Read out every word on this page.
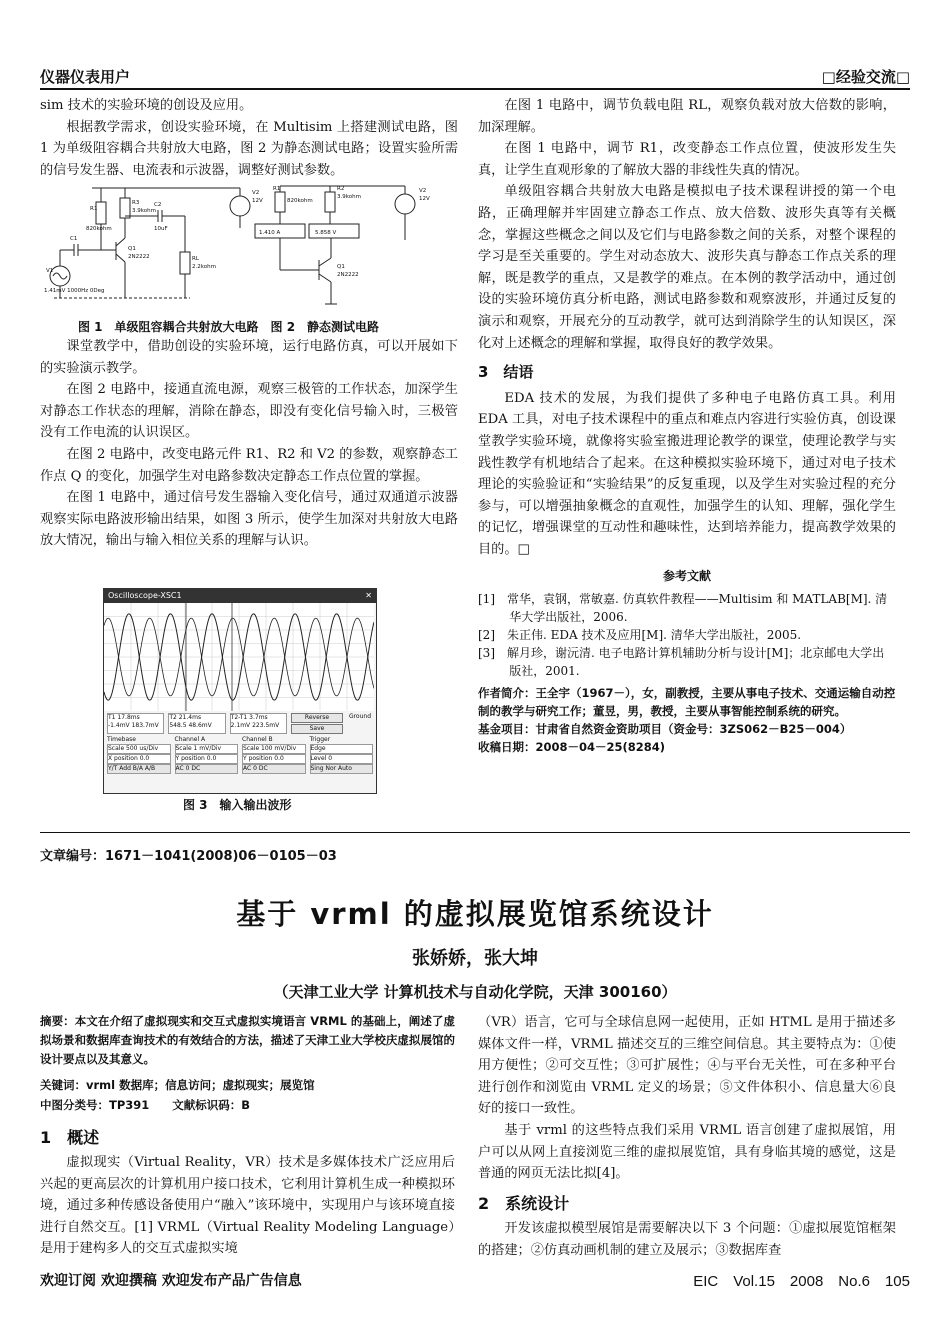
仪器仪表用户	□经验交流□

sim 技术的实验环境的创设及应用。

根据教学需求，创设实验环境，在 Multisim 上搭建测试电路，图 1 为单级阻容耦合共射放大电路，图 2 为静态测试电路；设置实验所需的信号发生器、电流表和示波器，调整好测试参数。

R1
820kohm
R3
3.9kohm
C2
10uF
C1
Q1
2N2222	RL
2.2kohm
V1
1.41mV 1000Hz 0Deg
V2
12V
R1
820kohm
R2
3.9kohm
1.410 A	5.858 V
Q1
2N2222
V2
12V
图 1　单级阻容耦合共射放大电路　图 2　静态测试电路

课堂教学中，借助创设的实验环境，运行电路仿真，可以开展如下的实验演示教学。

在图 2 电路中，接通直流电源，观察三极管的工作状态，加深学生对静态工作状态的理解，消除在静态，即没有变化信号输入时，三极管没有工作电流的认识误区。

在图 2 电路中，改变电路元件 R1、R2 和 V2 的参数，观察静态工作点 Q 的变化，加强学生对电路参数决定静态工作点位置的掌握。

在图 1 电路中，通过信号发生器输入变化信号，通过双通道示波器观察实际电路波形输出结果，如图 3 所示，使学生加深对共射放大电路放大情况，输出与输入相位关系的理解与认识。

Oscilloscope-XSC1	✕
T1 17.8ms
-1.4mV 183.7mV
T2 21.4ms
548.5 48.6mV
T2-T1 3.7ms
2.1mV 223.5mV
Reverse
Save
Ground
Timebase
Scale 500 us/Div
X position 0.0
Y/T Add B/A A/B
Channel A
Scale 1 mV/Div
Y position 0.0
AC 0 DC
Channel B
Scale 100 mV/Div
Y position 0.0
AC 0 DC
Trigger
Edge
Level 0
Sing Nor Auto
图 3　输入输出波形

在图 1 电路中，调节负载电阻 RL，观察负载对放大倍数的影响，加深理解。

在图 1 电路中，调节 R1，改变静态工作点位置，使波形发生失真，让学生直观形象的了解放大器的非线性失真的情况。

单级阻容耦合共射放大电路是模拟电子技术课程讲授的第一个电路，正确理解并牢固建立静态工作点、放大倍数、波形失真等有关概念，掌握这些概念之间以及它们与电路参数之间的关系，对整个课程的学习是至关重要的。学生对动态放大、波形失真与静态工作点关系的理解，既是教学的重点，又是教学的难点。在本例的教学活动中，通过创设的实验环境仿真分析电路，测试电路参数和观察波形，并通过反复的演示和观察，开展充分的互动教学，就可达到消除学生的认知误区，深化对上述概念的理解和掌握，取得良好的教学效果。

3　结语

EDA 技术的发展，为我们提供了多种电子电路仿真工具。利用 EDA 工具，对电子技术课程中的重点和难点内容进行实验仿真，创设课堂教学实验环境，就像将实验室搬进理论教学的课堂，使理论教学与实践性教学有机地结合了起来。在这种模拟实验环境下，通过对电子技术理论的实验验证和“实验结果”的反复重现，以及学生对实验过程的充分参与，可以增强抽象概念的直观性，加强学生的认知、理解，强化学生的记忆，增强课堂的互动性和趣味性，达到培养能力，提高教学效果的目的。□

参考文献
[1]　常华，袁钢，常敏嘉. 仿真软件教程——Multisim 和 MATLAB[M]. 清华大学出版社，2006.
[2]　朱正伟. EDA 技术及应用[M]. 清华大学出版社，2005.
[3]　解月珍，谢沅清. 电子电路计算机辅助分析与设计[M]；北京邮电大学出版社，2001.
作者简介：王全宇（1967－），女，副教授，主要从事电子技术、交通运输自动控制的教学与研究工作；董昱，男，教授，主要从事智能控制系统的研究。
基金项目：甘肃省自然资金资助项目（资金号：3ZS062－B25－004）
收稿日期：2008－04－25(8284)
文章编号：1671－1041(2008)06－0105－03
基于 vrml 的虚拟展览馆系统设计
张娇娇，张大坤
（天津工业大学 计算机技术与自动化学院，天津 300160）
摘要：本文在介绍了虚拟现实和交互式虚拟实境语言 VRML 的基础上，阐述了虚拟场景和数据库查询技术的有效结合的方法，描述了天津工业大学校庆虚拟展馆的设计要点以及其意义。
关键词：vrml 数据库；信息访问；虚拟现实；展览馆
中图分类号：TP391　　文献标识码：B
1　概述

虚拟现实（Virtual Reality，VR）技术是多媒体技术广泛应用后兴起的更高层次的计算机用户接口技术，它利用计算机生成一种模拟环境，通过多种传感设备使用户“融入”该环境中，实现用户与该环境直接进行自然交互。[1] VRML（Virtual Reality Modeling Language）是用于建构多人的交互式虚拟实境

（VR）语言，它可与全球信息网一起使用，正如 HTML 是用于描述多媒体文件一样，VRML 描述交互的三维空间信息。其主要特点为：①使用方便性；②可交互性；③可扩展性；④与平台无关性，可在多种平台进行创作和浏览由 VRML 定义的场景；⑤文件体积小、信息量大⑥良好的接口一致性。

基于 vrml 的这些特点我们采用 VRML 语言创建了虚拟展馆，用户可以从网上直接浏览三维的虚拟展览馆，具有身临其境的感觉，这是普通的网页无法比拟[4]。

2　系统设计

开发该虚拟模型展馆是需要解决以下 3 个问题：①虚拟展览馆框架的搭建；②仿真动画机制的建立及展示；③数据库查

欢迎订阅 欢迎撰稿 欢迎发布产品广告信息	EIC　Vol.15　2008　No.6　105
